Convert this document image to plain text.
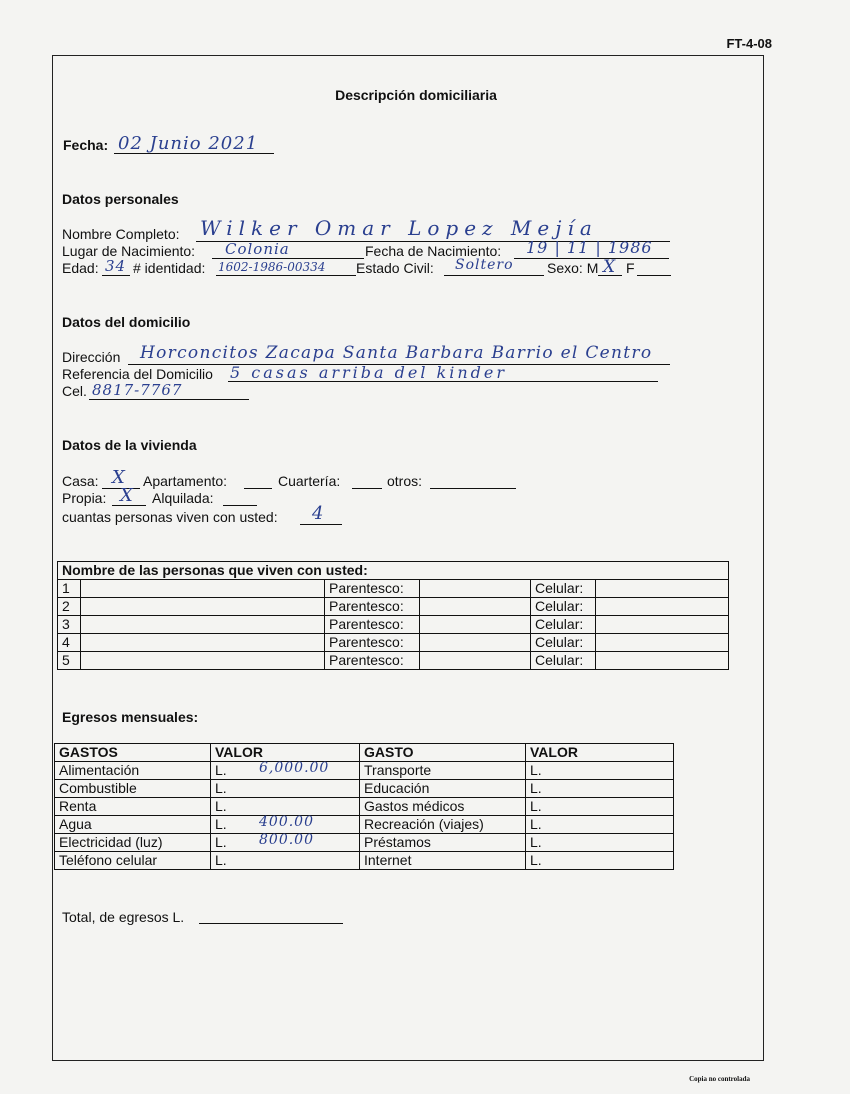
FT-4-08
Descripción domiciliaria
Fecha: 02 Junio 2021
Datos personales
Nombre Completo: Wilker Omar Lopez Mejía
Lugar de Nacimiento: Colonia	Fecha de Nacimiento: 19 | 11 | 1986
Edad: 34 # identidad: 1602-1986-00334 Estado Civil: Soltero Sexo: M X F
Datos del domicilio
Dirección Horconcitos Zacapa Santa Barbara Barrio el Centro
Referencia del Domicilio 5 casas arriba del kinder
Cel. 8817-7767
Datos de la vivienda
Casa: X Apartamento:	Cuartería:	otros:
Propia: X Alquilada:
cuantas personas viven con usted: 4
Nombre de las personas que viven con usted:					
1		Parentesco:		Celular:	
2		Parentesco:		Celular:	
3		Parentesco:		Celular:	
4		Parentesco:		Celular:	
5		Parentesco:		Celular:	
Egresos mensuales:
GASTOS	VALOR	GASTO	VALOR
Alimentación	L. 6,000.00	Transporte	L.
Combustible	L.	Educación	L.
Renta	L.	Gastos médicos	L.
Agua	L. 400.00	Recreación (viajes)	L.
Electricidad (luz)	L. 800.00	Préstamos	L.
Teléfono celular	L.	Internet	L.
Total, de egresos L.
Copia no controlada
